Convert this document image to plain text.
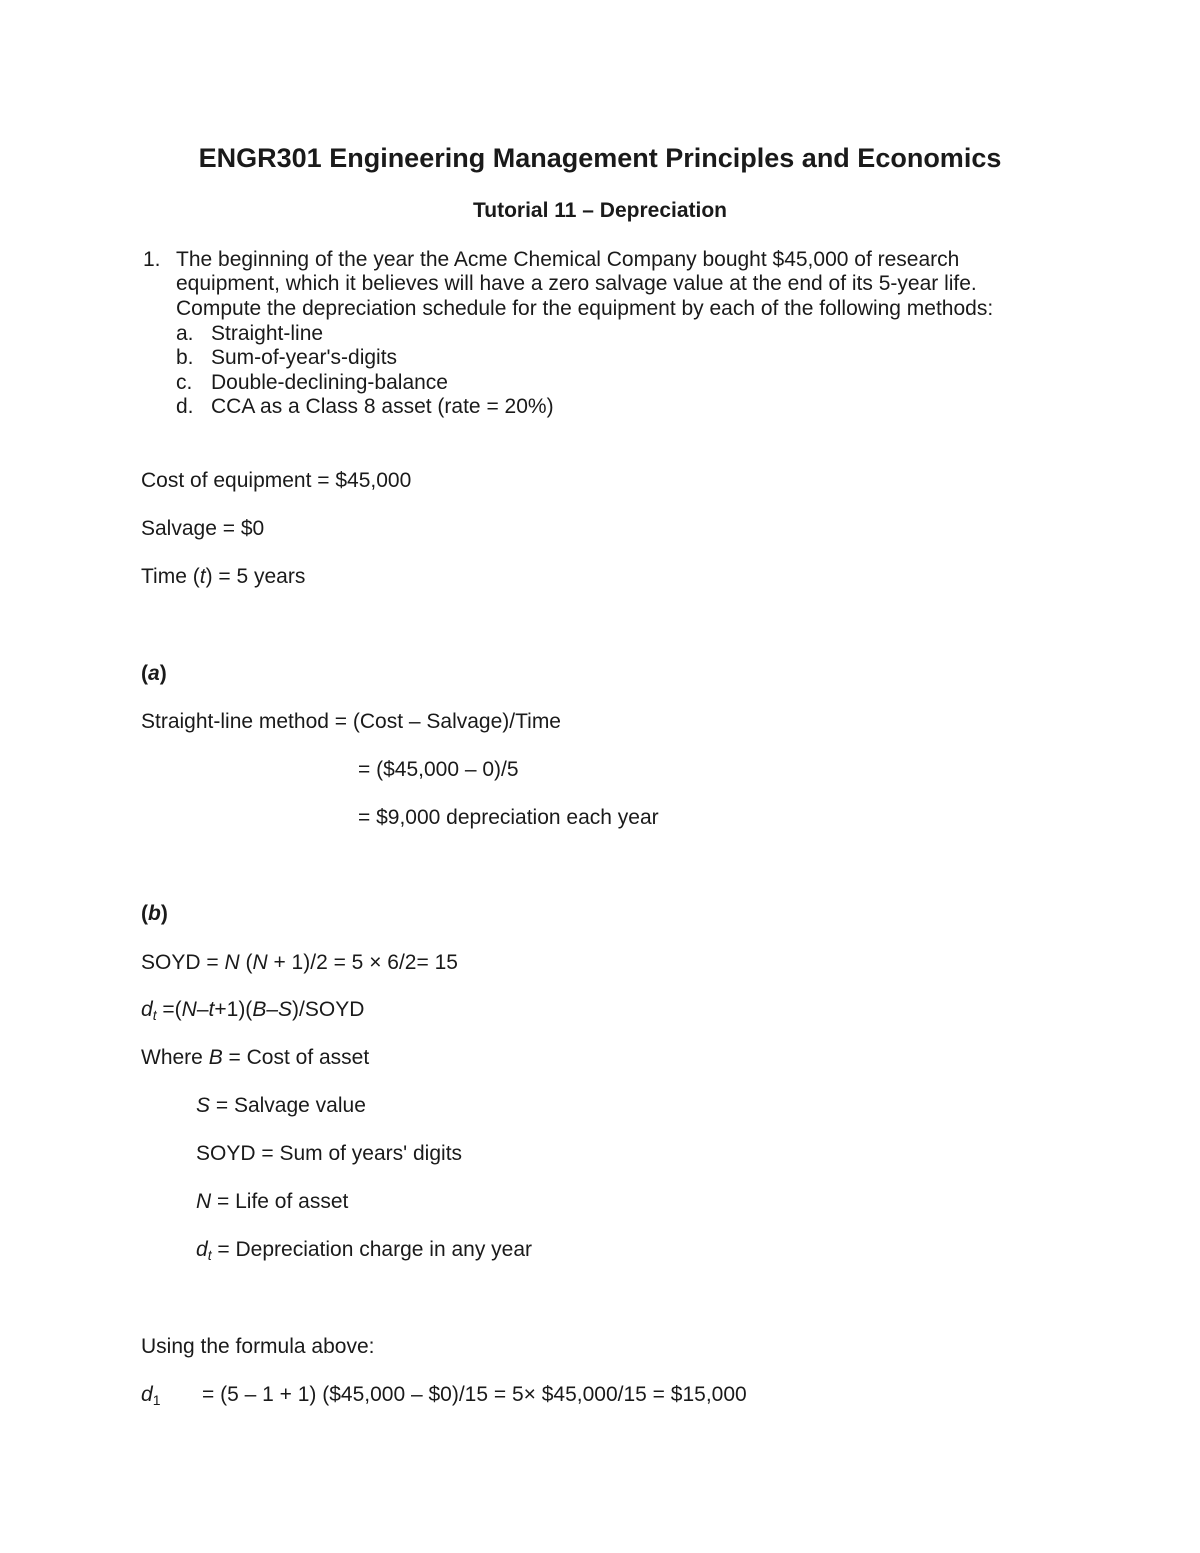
ENGR301 Engineering Management Principles and Economics
Tutorial 11 – Depreciation
1. The beginning of the year the Acme Chemical Company bought $45,000 of research
equipment, which it believes will have a zero salvage value at the end of its 5-year life.
Compute the depreciation schedule for the equipment by each of the following methods:
a. Straight-line
b. Sum-of-year's-digits
c. Double-declining-balance
d. CCA as a Class 8 asset (rate = 20%)
Cost of equipment = $45,000
Salvage = $0
Time (t) = 5 years
(a)
Straight-line method = (Cost – Salvage)/Time
= ($45,000 – 0)/5
= $9,000 depreciation each year
(b)
SOYD = N (N + 1)/2 = 5 × 6/2= 15
$d_t$ =(N–t+1)(B–S)/SOYD
Where B = Cost of asset
S = Salvage value
SOYD = Sum of years' digits
N = Life of asset
$d_t$ = Depreciation charge in any year
Using the formula above:
$d_1 = (5 - 1 + 1)$ ($45,000 – $0)/15 = 5× $45,000/15 = $15,000
